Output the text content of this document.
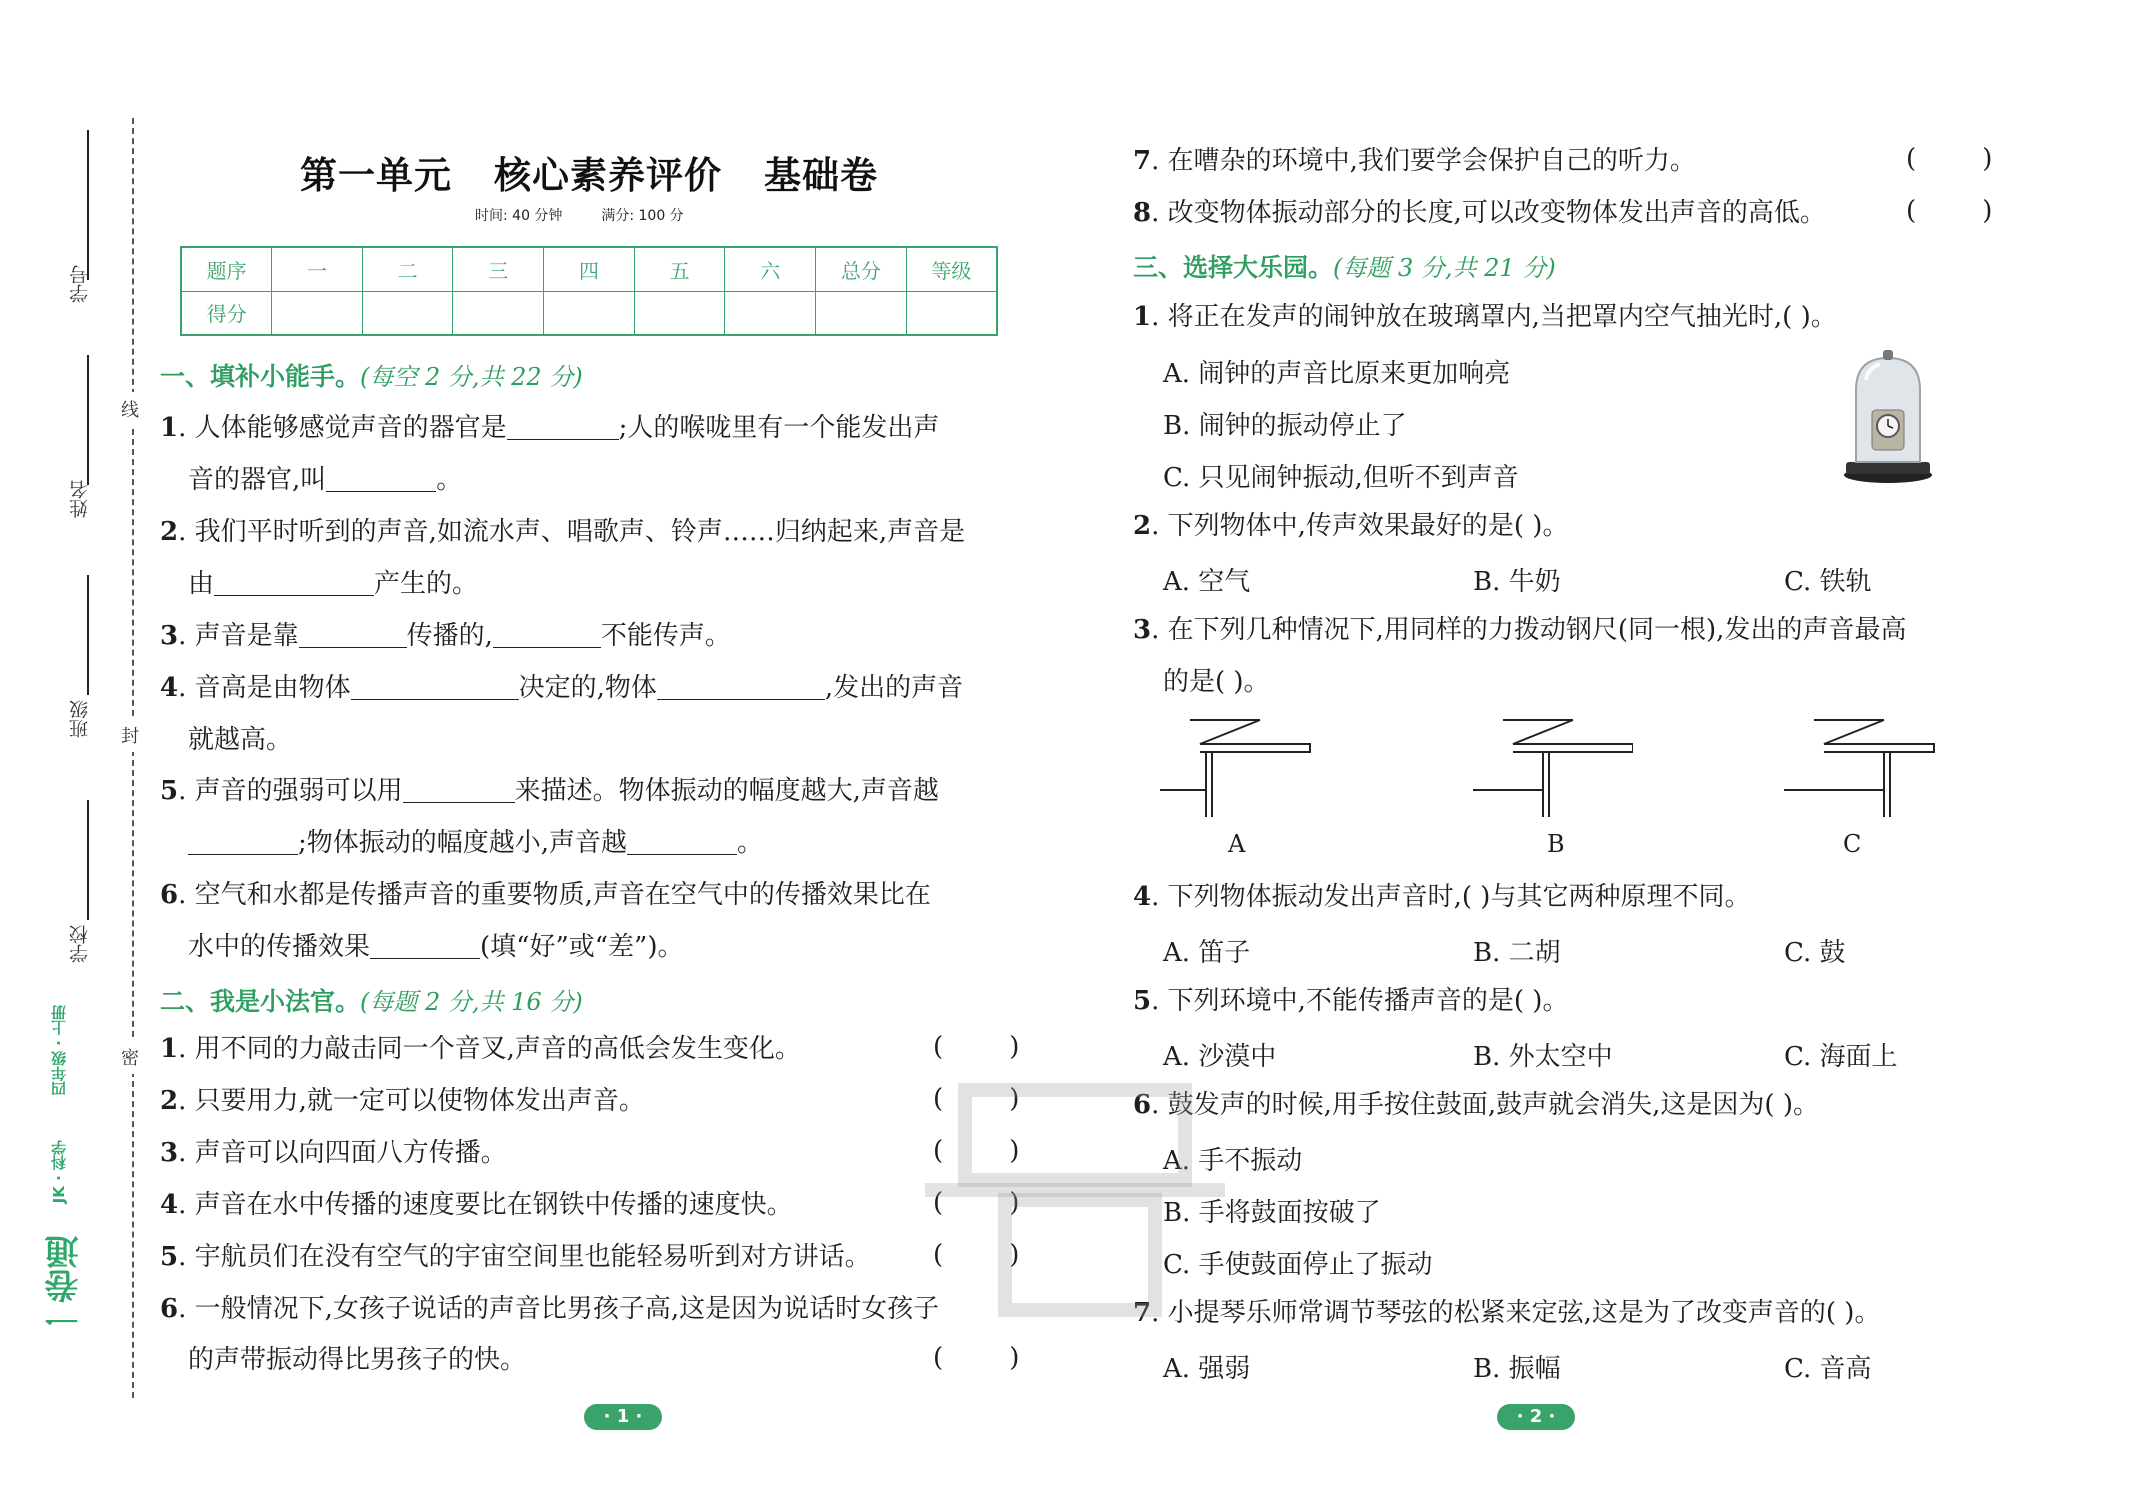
学号
姓名
班级
学校
四年级 · 上册
JK · 科学
一卷通
线
封
密
第一单元 核心素养评价 基础卷
时间: 40 分钟	满分: 100 分
题序	一	二	三	四	五	六	总分	等级
得分								
一、填补小能手。(每空 2 分,共 22 分)
1. 人体能够感觉声音的器官是	;人的喉咙里有一个能发出声
音的器官,叫	。
2. 我们平时听到的声音,如流水声、唱歌声、铃声……归纳起来,声音是
由	产生的。
3. 声音是靠	传播的,	不能传声。
4. 音高是由物体	决定的,物体	,发出的声音
就越高。
5. 声音的强弱可以用	来描述。物体振动的幅度越大,声音越
;物体振动的幅度越小,声音越	。
6. 空气和水都是传播声音的重要物质,声音在空气中的传播效果比在
水中的传播效果	(填“好”或“差”)。
二、我是小法官。(每题 2 分,共 16 分)
1. 用不同的力敲击同一个音叉,声音的高低会发生变化。	(        )
2. 只要用力,就一定可以使物体发出声音。	(        )
3. 声音可以向四面八方传播。	(        )
4. 声音在水中传播的速度要比在钢铁中传播的速度快。	(        )
5. 宇航员们在没有空气的宇宙空间里也能轻易听到对方讲话。 (        )
6. 一般情况下,女孩子说话的声音比男孩子高,这是因为说话时女孩子
的声带振动得比男孩子的快。	(        )
· 1 ·
7. 在嘈杂的环境中,我们要学会保护自己的听力。	(        )
8. 改变物体振动部分的长度,可以改变物体发出声音的高低。	(        )
三、选择大乐园。(每题 3 分,共 21 分)
1. 将正在发声的闹钟放在玻璃罩内,当把罩内空气抽光时,( )。
A. 闹钟的声音比原来更加响亮
B. 闹钟的振动停止了
C. 只见闹钟振动,但听不到声音
2. 下列物体中,传声效果最好的是( )。
A. 空气	B. 牛奶	C. 铁轨
3. 在下列几种情况下,用同样的力拨动钢尺(同一根),发出的声音最高
的是( )。
A	B	C
4. 下列物体振动发出声音时,( )与其它两种原理不同。
A. 笛子	B. 二胡	C. 鼓
5. 下列环境中,不能传播声音的是( )。
A. 沙漠中	B. 外太空中	C. 海面上
6. 鼓发声的时候,用手按住鼓面,鼓声就会消失,这是因为( )。
A. 手不振动
B. 手将鼓面按破了
C. 手使鼓面停止了振动
7. 小提琴乐师常调节琴弦的松紧来定弦,这是为了改变声音的( )。
A. 强弱	B. 振幅	C. 音高
· 2 ·
